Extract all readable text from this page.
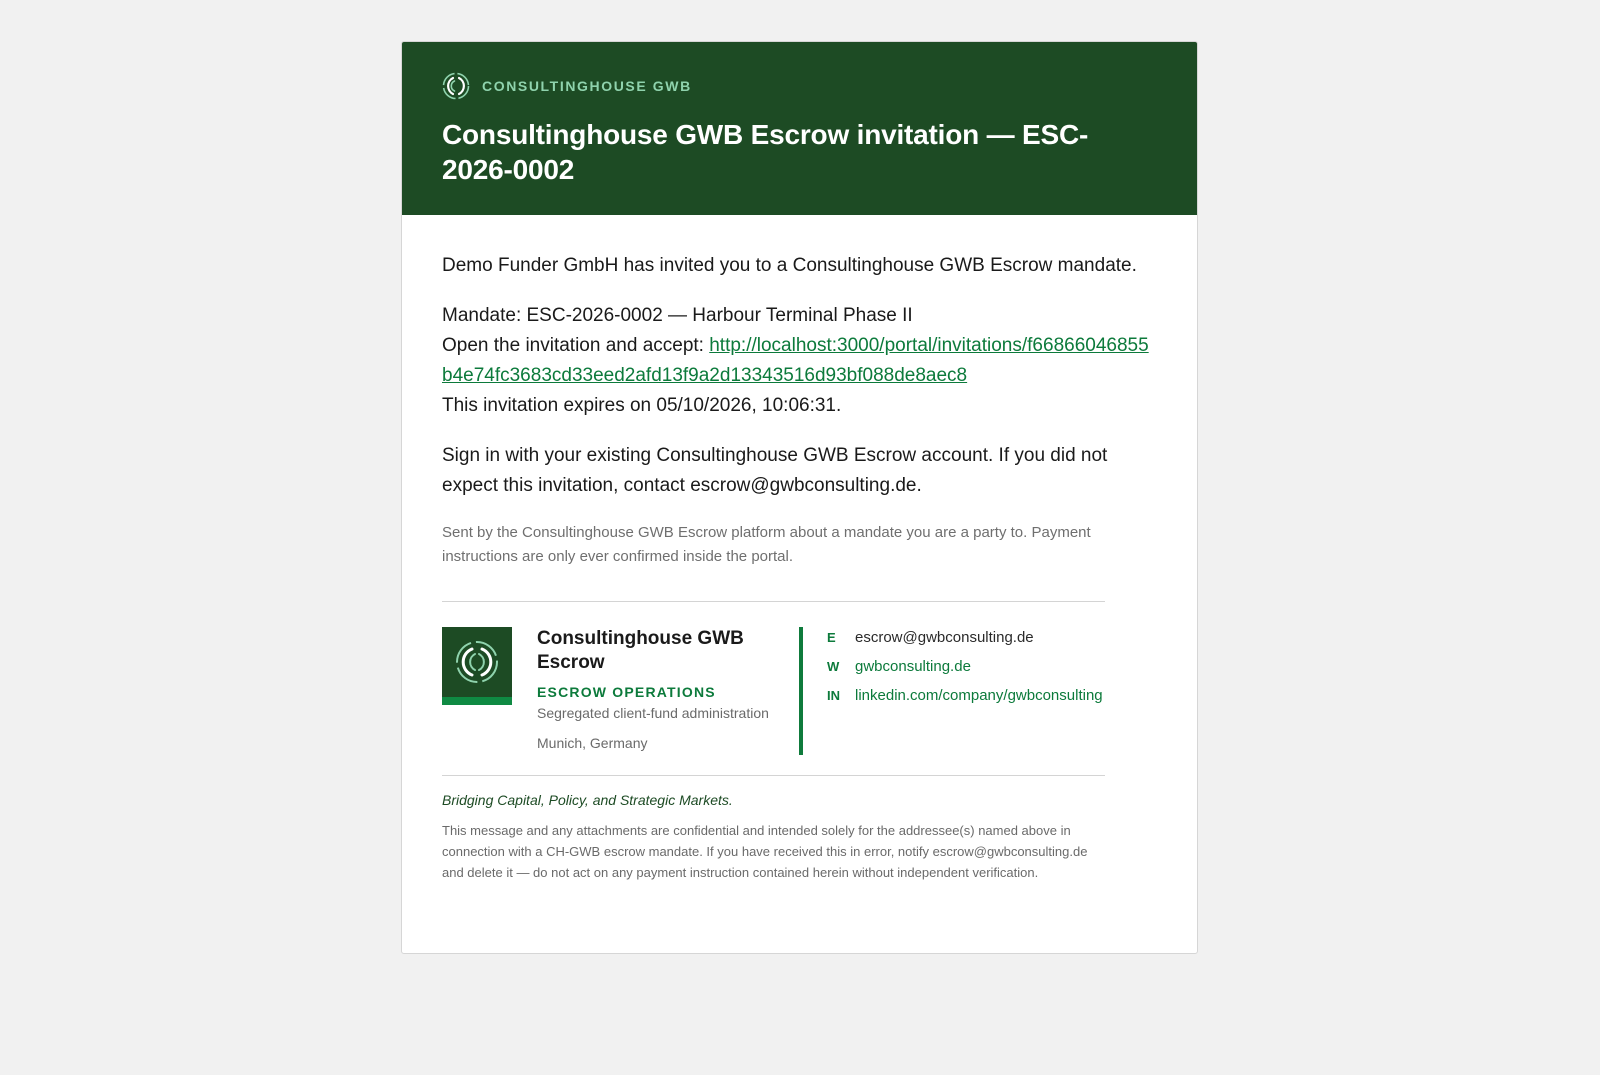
CONSULTINGHOUSE GWB
Consultinghouse GWB Escrow invitation — ESC-2026-0002

Demo Funder GmbH has invited you to a Consultinghouse GWB Escrow mandate.

Mandate: ESC-2026-0002 — Harbour Terminal Phase II

Open the invitation and accept: http://localhost:3000/portal/invitations/f66866046855b4e74fc3683cd33eed2afd13f9a2d13343516d93bf088de8aec8

This invitation expires on 05/10/2026, 10:06:31.

Sign in with your existing Consultinghouse GWB Escrow account. If you did not expect this invitation, contact escrow@gwbconsulting.de.

Sent by the Consultinghouse GWB Escrow platform about a mandate you are a party to. Payment instructions are only ever confirmed inside the portal.

Consultinghouse GWB Escrow
ESCROW OPERATIONS
Segregated client-fund administration
Munich, Germany
E	escrow@gwbconsulting.de
W	gwbconsulting.de
IN	linkedin.com/company/gwbconsulting

Bridging Capital, Policy, and Strategic Markets.

This message and any attachments are confidential and intended solely for the addressee(s) named above in connection with a CH-GWB escrow mandate. If you have received this in error, notify escrow@gwbconsulting.de and delete it — do not act on any payment instruction contained herein without independent verification.
